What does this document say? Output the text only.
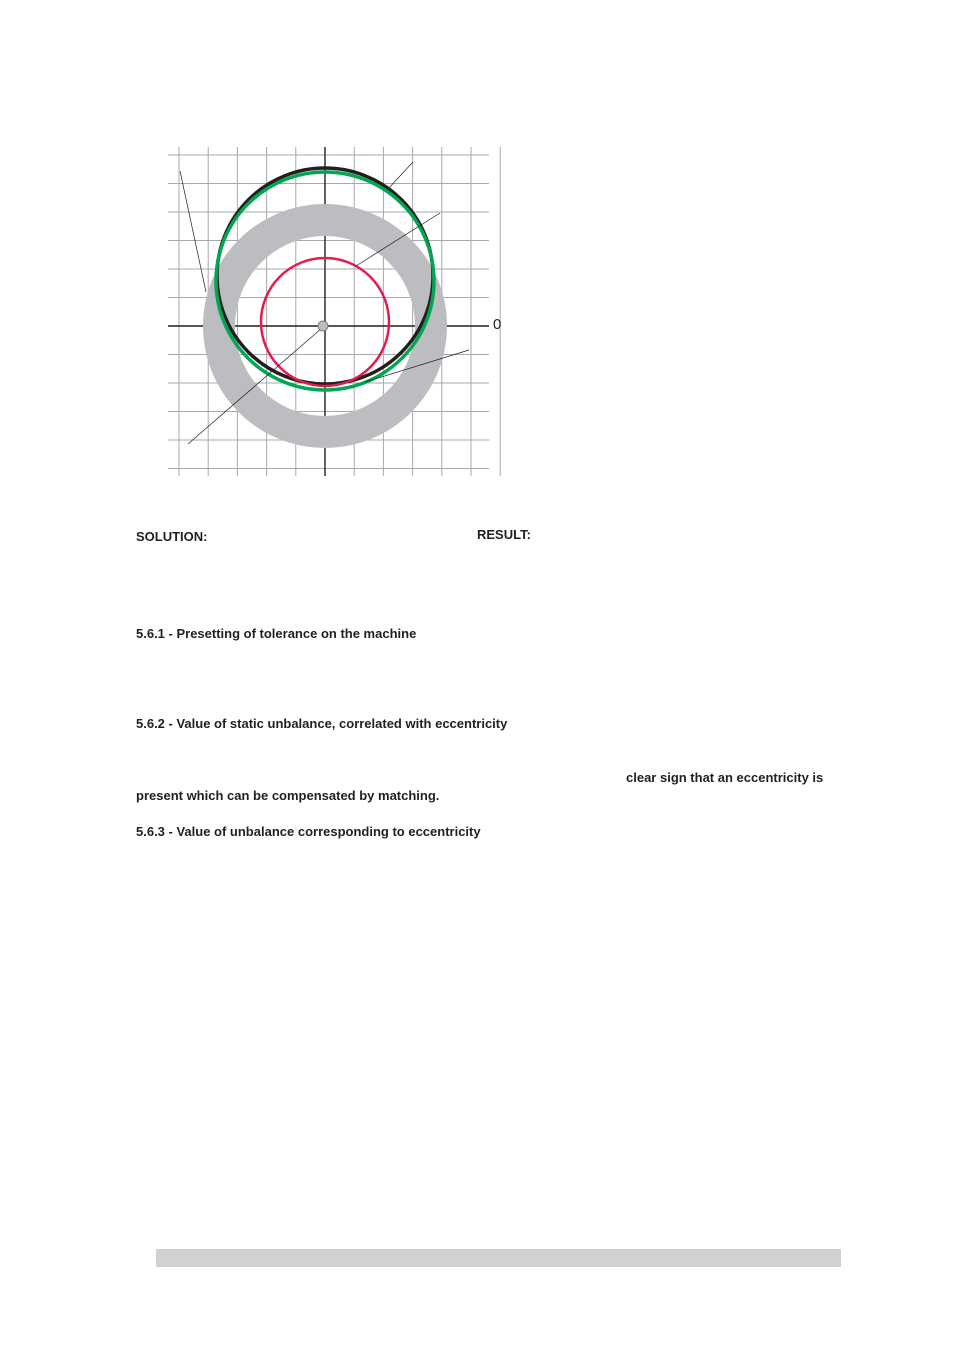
0

SOLUTION:	RESULT:

5.6.1 - Presetting of tolerance on the machine

5.6.2 - Value of static unbalance, correlated with eccentricity

clear sign that an eccentricity is

present which can be compensated by matching.

5.6.3 - Value of unbalance corresponding to eccentricity
